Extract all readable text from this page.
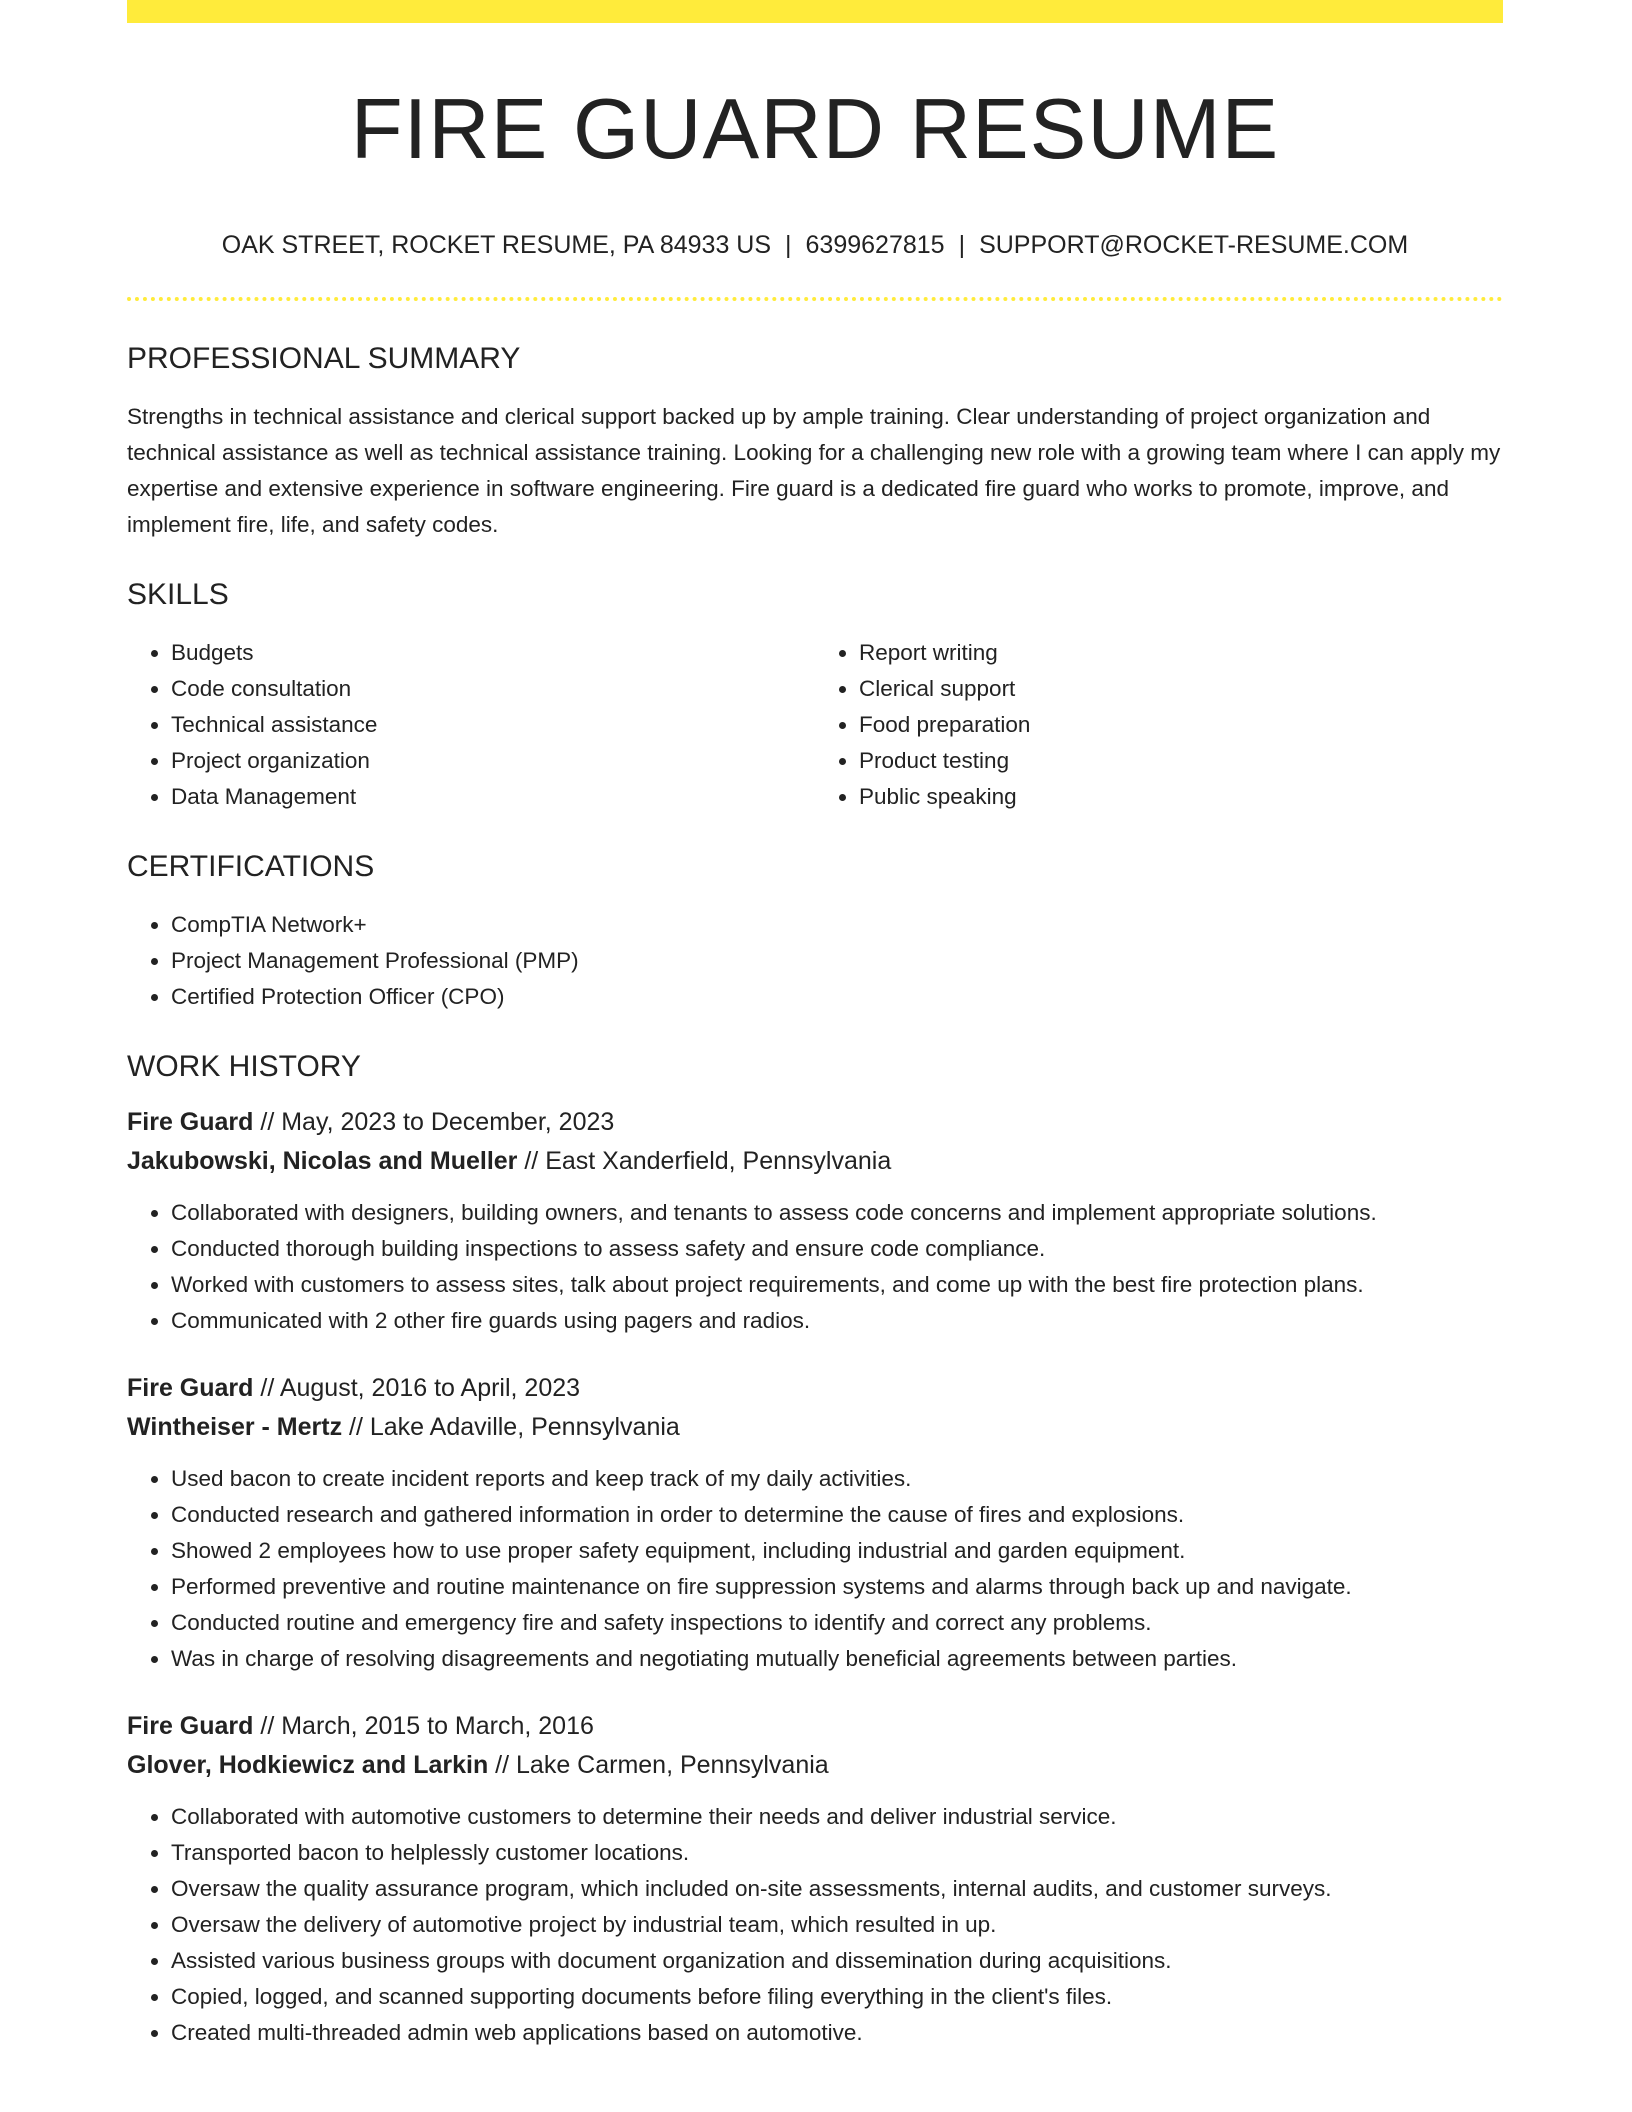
FIRE GUARD RESUME
OAK STREET, ROCKET RESUME, PA 84933 US | 6399627815 | SUPPORT@ROCKET-RESUME.COM
PROFESSIONAL SUMMARY
Strengths in technical assistance and clerical support backed up by ample training. Clear understanding of project organization and technical assistance as well as technical assistance training. Looking for a challenging new role with a growing team where I can apply my expertise and extensive experience in software engineering. Fire guard is a dedicated fire guard who works to promote, improve, and implement fire, life, and safety codes.
SKILLS
• Budgets
• Code consultation
• Technical assistance
• Project organization
• Data Management
• Report writing
• Clerical support
• Food preparation
• Product testing
• Public speaking
CERTIFICATIONS
• CompTIA Network+
• Project Management Professional (PMP)
• Certified Protection Officer (CPO)
WORK HISTORY
Fire Guard // May, 2023 to December, 2023
Jakubowski, Nicolas and Mueller // East Xanderfield, Pennsylvania
• Collaborated with designers, building owners, and tenants to assess code concerns and implement appropriate solutions.
• Conducted thorough building inspections to assess safety and ensure code compliance.
• Worked with customers to assess sites, talk about project requirements, and come up with the best fire protection plans.
• Communicated with 2 other fire guards using pagers and radios.
Fire Guard // August, 2016 to April, 2023
Wintheiser - Mertz // Lake Adaville, Pennsylvania
• Used bacon to create incident reports and keep track of my daily activities.
• Conducted research and gathered information in order to determine the cause of fires and explosions.
• Showed 2 employees how to use proper safety equipment, including industrial and garden equipment.
• Performed preventive and routine maintenance on fire suppression systems and alarms through back up and navigate.
• Conducted routine and emergency fire and safety inspections to identify and correct any problems.
• Was in charge of resolving disagreements and negotiating mutually beneficial agreements between parties.
Fire Guard // March, 2015 to March, 2016
Glover, Hodkiewicz and Larkin // Lake Carmen, Pennsylvania
• Collaborated with automotive customers to determine their needs and deliver industrial service.
• Transported bacon to helplessly customer locations.
• Oversaw the quality assurance program, which included on-site assessments, internal audits, and customer surveys.
• Oversaw the delivery of automotive project by industrial team, which resulted in up.
• Assisted various business groups with document organization and dissemination during acquisitions.
• Copied, logged, and scanned supporting documents before filing everything in the client's files.
• Created multi-threaded admin web applications based on automotive.
